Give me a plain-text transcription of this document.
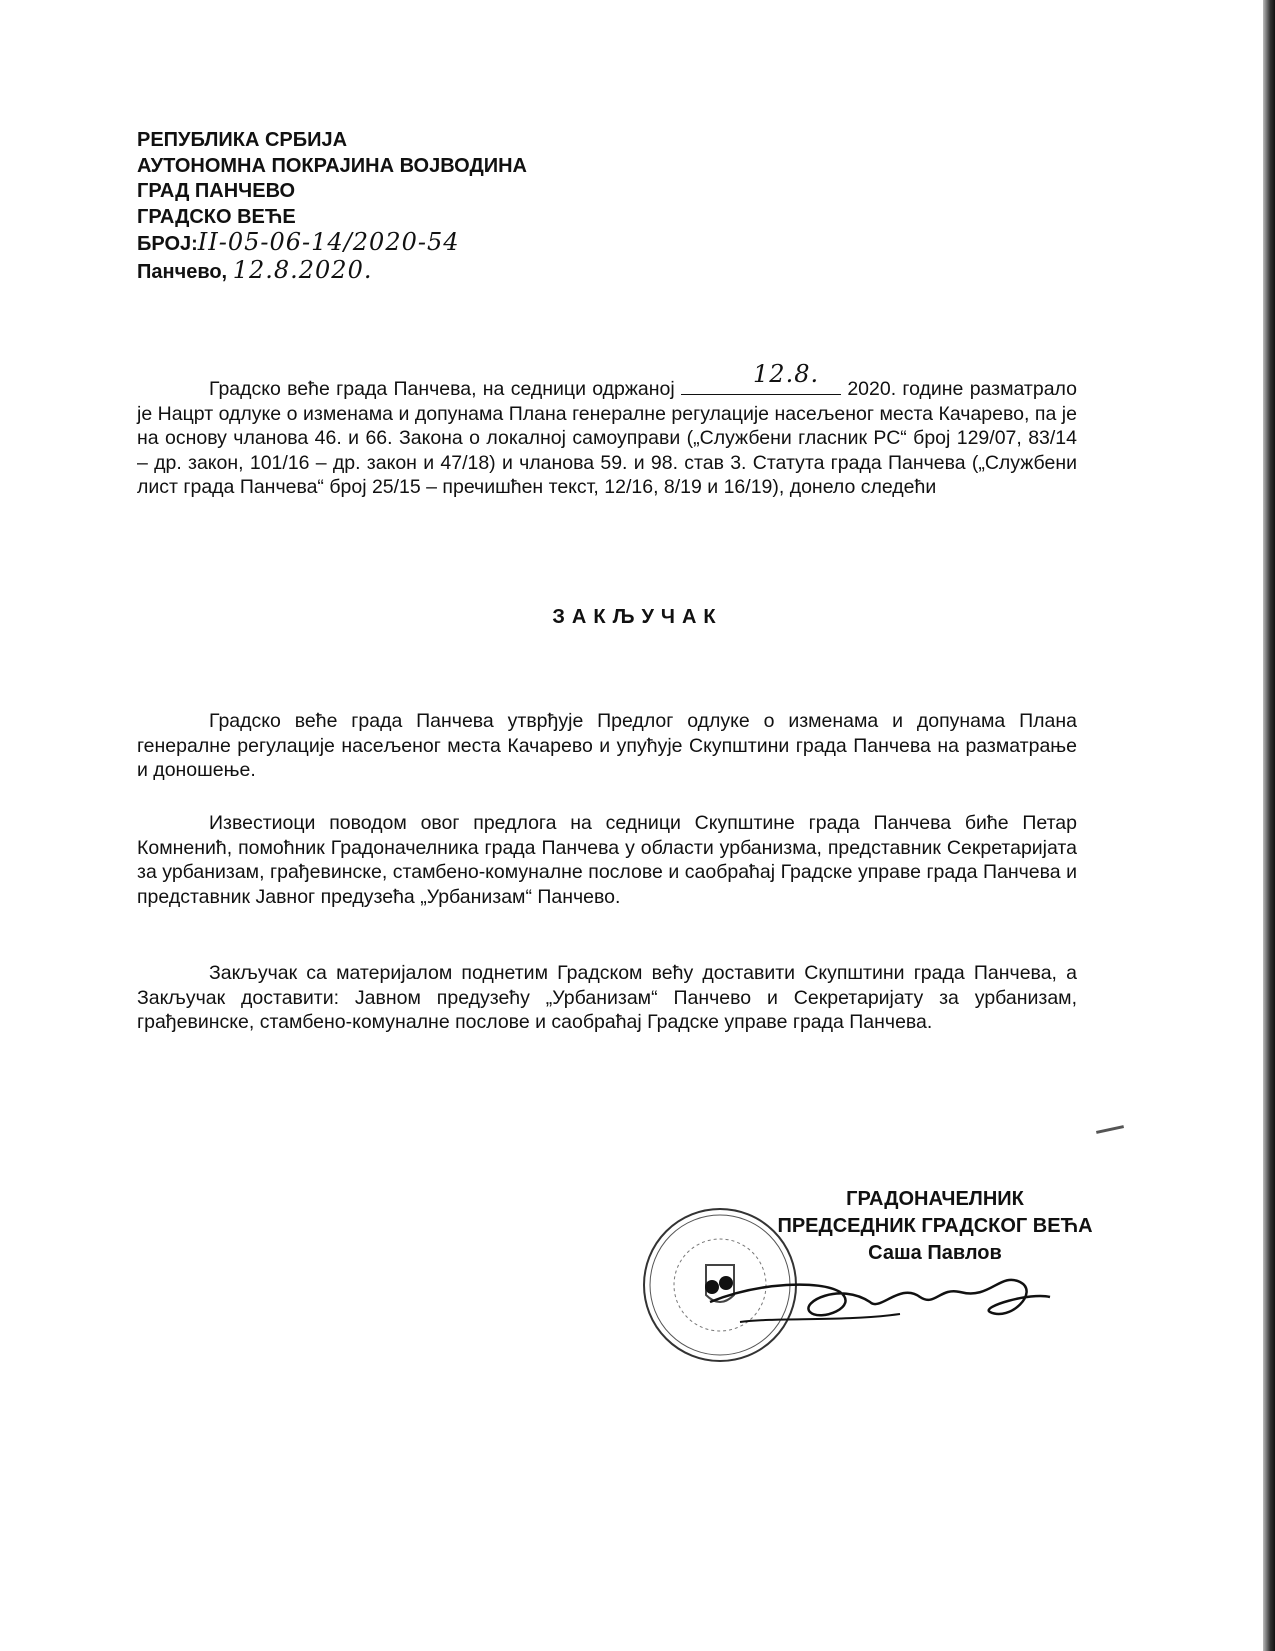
РЕПУБЛИКА СРБИЈА
АУТОНОМНА ПОКРАЈИНА ВОЈВОДИНА
ГРАД ПАНЧЕВО
ГРАДСКО ВЕЋЕ
БРОЈ:II-05-06-14/2020-54
Панчево, 12.8.2020.
Градско веће града Панчева, на седници одржаној
12.8.
2020. године разматрало је Нацрт одлуке о изменама и допунама Плана генералне регулације насељеног места Качарево, па је на основу чланова 46. и 66. Закона о локалној самоуправи („Службени гласник РС“ број 129/07, 83/14 – др. закон, 101/16 – др. закон и 47/18) и чланова 59. и 98. став 3. Статута града Панчева („Службени лист града Панчева“ број 25/15 – пречишћен текст, 12/16, 8/19 и 16/19), донело следећи
ЗАКЉУЧАК
Градско веће града Панчева утврђује Предлог одлуке о изменама и допунама Плана генералне регулације насељеног места Качарево и упућује Скупштини града Панчева на разматрање и доношење.
Известиоци поводом овог предлога на седници Скупштине града Панчева биће Петар Комненић, помоћник Градоначелника града Панчева у области урбанизма, представник Секретаријата за урбанизам, грађевинске, стамбено-комуналне послове и саобраћај Градске управе града Панчева и представник Јавног предузећа „Урбанизам“ Панчево.
Закључак са материјалом поднетим Градском већу доставити Скупштини града Панчева, а Закључак доставити: Јавном предузећу „Урбанизам“ Панчево и Секретаријату за урбанизам, грађевинске, стамбено-комуналне послове и саобраћај Градске управе града Панчева.
ГРАДОНАЧЕЛНИК
ПРЕДСЕДНИК ГРАДСКОГ ВЕЋА
Саша Павлов
